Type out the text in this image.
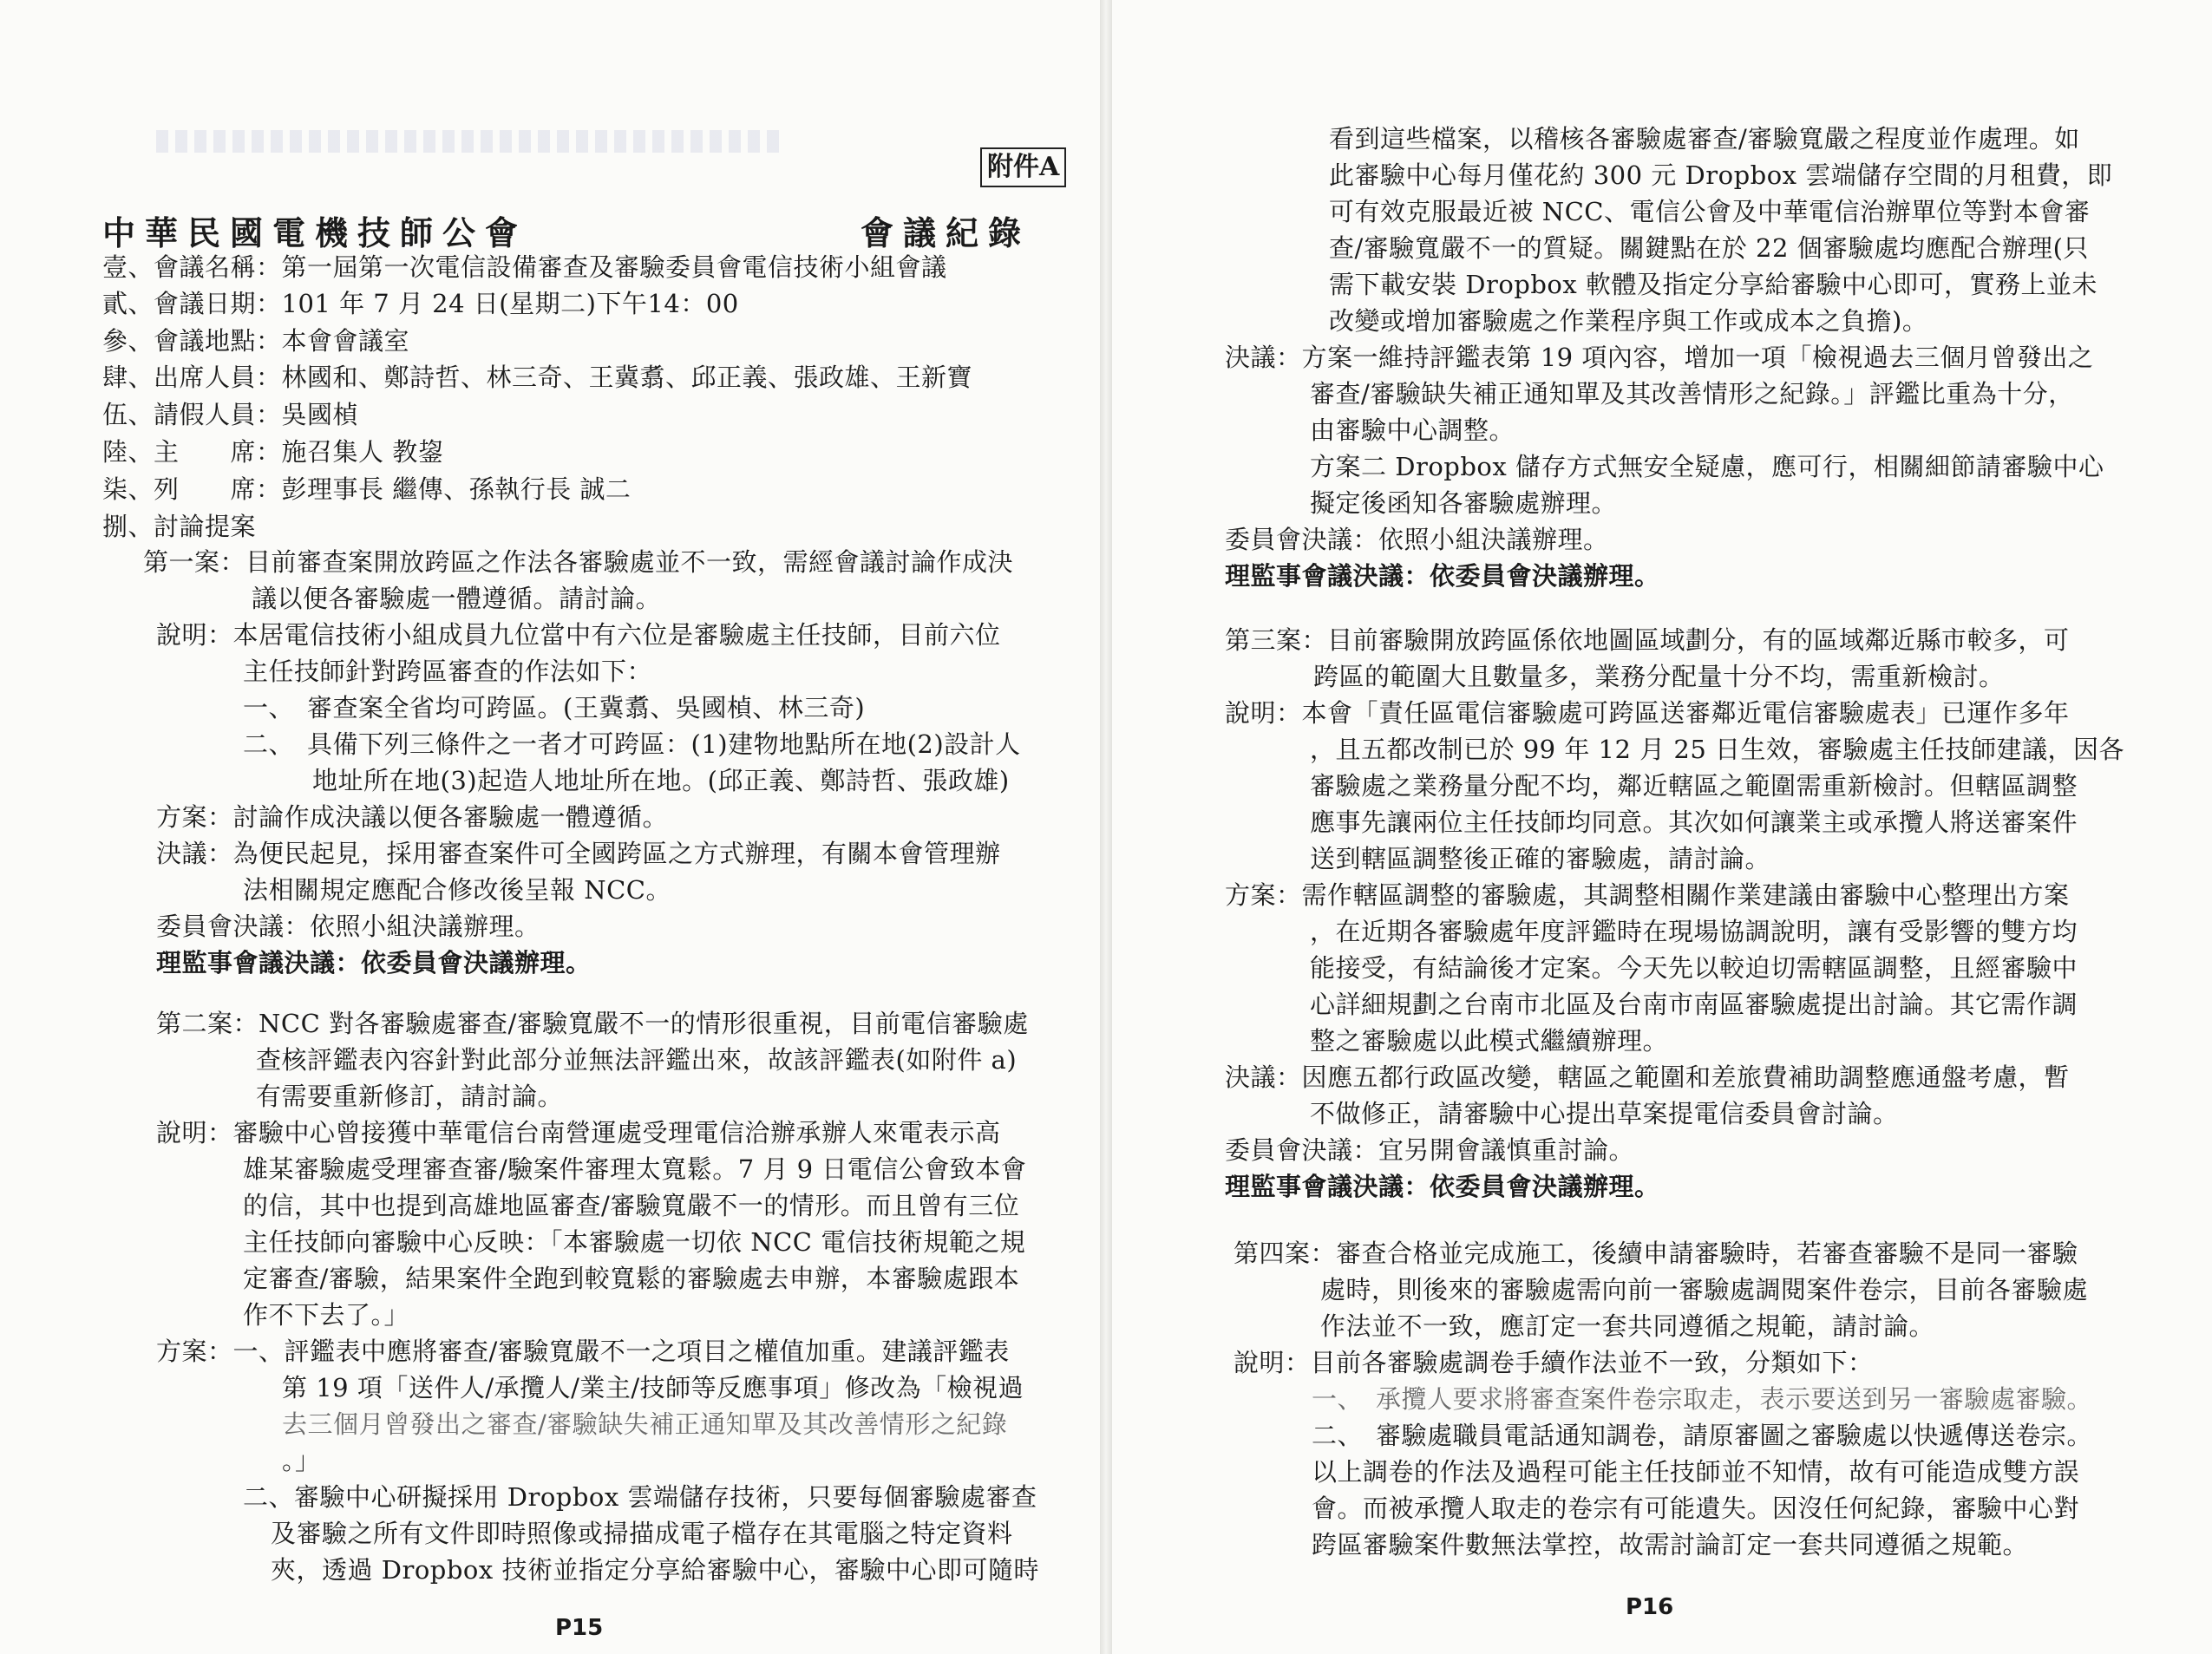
附件A
中華民國電機技師公會	會議紀錄
壹、會議名稱：第一屆第一次電信設備審查及審驗委員會電信技術小組會議
貳、會議日期：101 年 7 月 24 日(星期二)下午14：00
參、會議地點：本會會議室
肆、出席人員：林國和、鄭詩哲、林三奇、王冀翥、邱正義、張政雄、王新寶
伍、請假人員：吳國楨
陸、主　　席：施召集人 教鋆
柒、列　　席：彭理事長 繼傳、孫執行長 誠二
捌、討論提案
第一案：目前審查案開放跨區之作法各審驗處並不一致，需經會議討論作成決
議以便各審驗處一體遵循。請討論。
說明：本居電信技術小組成員九位當中有六位是審驗處主任技師，目前六位
主任技師針對跨區審查的作法如下：
一、　審查案全省均可跨區。(王冀翥、吳國楨、林三奇)
二、　具備下列三條件之一者才可跨區：(1)建物地點所在地(2)設計人
地址所在地(3)起造人地址所在地。(邱正義、鄭詩哲、張政雄)
方案：討論作成決議以便各審驗處一體遵循。
決議：為便民起見，採用審查案件可全國跨區之方式辦理，有關本會管理辦
法相關規定應配合修改後呈報 NCC。
委員會決議：依照小組決議辦理。
理監事會議決議：依委員會決議辦理。
第二案：NCC 對各審驗處審查/審驗寬嚴不一的情形很重視，目前電信審驗處
查核評鑑表內容針對此部分並無法評鑑出來，故該評鑑表(如附件 a)
有需要重新修訂，請討論。
說明：審驗中心曾接獲中華電信台南營運處受理電信洽辦承辦人來電表示高
雄某審驗處受理審查審/驗案件審理太寬鬆。7 月 9 日電信公會致本會
的信，其中也提到高雄地區審查/審驗寬嚴不一的情形。而且曾有三位
主任技師向審驗中心反映：「本審驗處一切依 NCC 電信技術規範之規
定審查/審驗，結果案件全跑到較寬鬆的審驗處去申辦，本審驗處跟本
作不下去了。」
方案：一、評鑑表中應將審查/審驗寬嚴不一之項目之權值加重。建議評鑑表
第 19 項「送件人/承攬人/業主/技師等反應事項」修改為「檢視過
去三個月曾發出之審查/審驗缺失補正通知單及其改善情形之紀錄
。」
二、審驗中心研擬採用 Dropbox 雲端儲存技術，只要每個審驗處審查
及審驗之所有文件即時照像或掃描成電子檔存在其電腦之特定資料
夾，透過 Dropbox 技術並指定分享給審驗中心，審驗中心即可隨時
P15
看到這些檔案，以稽核各審驗處審查/審驗寬嚴之程度並作處理。如
此審驗中心每月僅花約 300 元 Dropbox 雲端儲存空間的月租費，即
可有效克服最近被 NCC、電信公會及中華電信治辦單位等對本會審
查/審驗寬嚴不一的質疑。關鍵點在於 22 個審驗處均應配合辦理(只
需下載安裝 Dropbox 軟體及指定分享給審驗中心即可，實務上並未
改變或增加審驗處之作業程序與工作或成本之負擔)。
決議：方案一維持評鑑表第 19 項內容，增加一項「檢視過去三個月曾發出之
審查/審驗缺失補正通知單及其改善情形之紀錄。」評鑑比重為十分，
由審驗中心調整。
方案二 Dropbox 儲存方式無安全疑慮，應可行，相關細節請審驗中心
擬定後函知各審驗處辦理。
委員會決議：依照小組決議辦理。
理監事會議決議：依委員會決議辦理。
第三案：目前審驗開放跨區係依地圖區域劃分，有的區域鄰近縣市較多，可
跨區的範圍大且數量多，業務分配量十分不均，需重新檢討。
說明：本會「責任區電信審驗處可跨區送審鄰近電信審驗處表」已運作多年
，且五都改制已於 99 年 12 月 25 日生效，審驗處主任技師建議，因各
審驗處之業務量分配不均，鄰近轄區之範圍需重新檢討。但轄區調整
應事先讓兩位主任技師均同意。其次如何讓業主或承攬人將送審案件
送到轄區調整後正確的審驗處，請討論。
方案：需作轄區調整的審驗處，其調整相關作業建議由審驗中心整理出方案
，在近期各審驗處年度評鑑時在現場協調說明，讓有受影響的雙方均
能接受，有結論後才定案。今天先以較迫切需轄區調整，且經審驗中
心詳細規劃之台南市北區及台南市南區審驗處提出討論。其它需作調
整之審驗處以此模式繼續辦理。
決議：因應五都行政區改變，轄區之範圍和差旅費補助調整應通盤考慮，暫
不做修正，請審驗中心提出草案提電信委員會討論。
委員會決議：宜另開會議慎重討論。
理監事會議決議：依委員會決議辦理。
第四案：審查合格並完成施工，後續申請審驗時，若審查審驗不是同一審驗
處時，則後來的審驗處需向前一審驗處調閱案件卷宗，目前各審驗處
作法並不一致，應訂定一套共同遵循之規範，請討論。
說明：目前各審驗處調卷手續作法並不一致，分類如下：
一、　承攬人要求將審查案件卷宗取走，表示要送到另一審驗處審驗。
二、　審驗處職員電話通知調卷，請原審圖之審驗處以快遞傳送卷宗。
以上調卷的作法及過程可能主任技師並不知情，故有可能造成雙方誤
會。而被承攬人取走的卷宗有可能遺失。因沒任何紀錄，審驗中心對
跨區審驗案件數無法掌控，故需討論訂定一套共同遵循之規範。
P16
